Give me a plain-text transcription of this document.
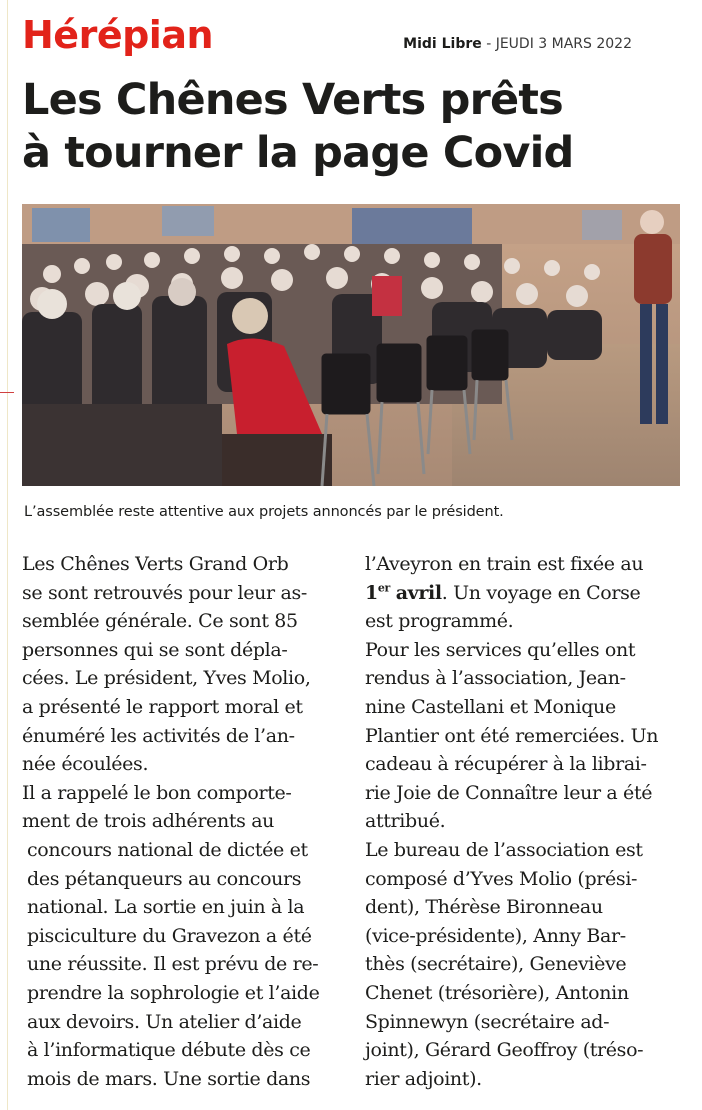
Hérépian	Midi Libre - JEUDI 3 MARS 2022
Les Chênes Verts prêts
à tourner la page Covid
L’assemblée reste attentive aux projets annoncés par le président.

Les Chênes Verts Grand Orb

se sont retrouvés pour leur as-

semblée générale. Ce sont 85

personnes qui se sont dépla-

cées. Le président, Yves Molio,

a présenté le rapport moral et

énuméré les activités de l’an-

née écoulées.

Il a rappelé le bon comporte-

ment de trois adhérents au

concours national de dictée et

des pétanqueurs au concours

national. La sortie en juin à la

pisciculture du Gravezon a été

une réussite. Il est prévu de re-

prendre la sophrologie et l’aide

aux devoirs. Un atelier d’aide

à l’informatique débute dès ce

mois de mars. Une sortie dans

l’Aveyron en train est fixée au

1er avril. Un voyage en Corse

est programmé.

Pour les services qu’elles ont

rendus à l’association, Jean-

nine Castellani et Monique

Plantier ont été remerciées. Un

cadeau à récupérer à la librai-

rie Joie de Connaître leur a été

attribué.

Le bureau de l’association est

composé d’Yves Molio (prési-

dent), Thérèse Bironneau

(vice-présidente), Anny Bar-

thès (secrétaire), Geneviève

Chenet (trésorière), Antonin

Spinnewyn (secrétaire ad-

joint), Gérard Geoffroy (tréso-

rier adjoint).
